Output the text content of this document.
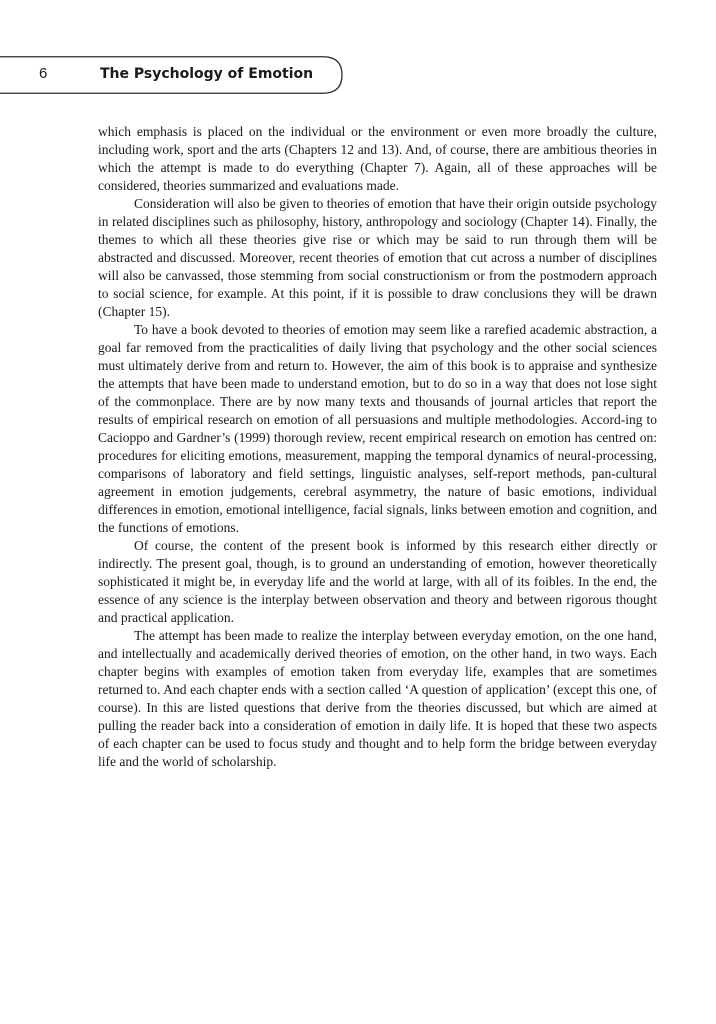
6	The Psychology of Emotion

which emphasis is placed on the individual or the environment or even more broadly the culture, including work, sport and the arts (Chapters 12 and 13). And, of course, there are ambitious theories in which the attempt is made to do everything (Chapter 7). Again, all of these approaches will be considered, theories summarized and evaluations made.

Consideration will also be given to theories of emotion that have their origin outside psychology in related disciplines such as philosophy, history, anthropology and sociology (Chapter 14). Finally, the themes to which all these theories give rise or which may be said to run through them will be abstracted and discussed. Moreover, recent theories of emotion that cut across a number of disciplines will also be canvassed, those stemming from social constructionism or from the postmodern approach to social science, for example. At this point, if it is possible to draw conclusions they will be drawn (Chapter 15).

To have a book devoted to theories of emotion may seem like a rarefied academic abstraction, a goal far removed from the practicalities of daily living that psychology and the other social sciences must ultimately derive from and return to. However, the aim of this book is to appraise and synthesize the attempts that have been made to understand emotion, but to do so in a way that does not lose sight of the commonplace. There are by now many texts and thousands of journal articles that report the results of empirical research on emotion of all persuasions and multiple methodologies. Accord-ing to Cacioppo and Gardner’s (1999) thorough review, recent empirical research on emotion has centred on: procedures for eliciting emotions, measurement, mapping the temporal dynamics of neural-processing, comparisons of laboratory and field settings, linguistic analyses, self-report methods, pan-cultural agreement in emotion judgements, cerebral asymmetry, the nature of basic emotions, individual differences in emotion, emotional intelligence, facial signals, links between emotion and cognition, and the functions of emotions.

Of course, the content of the present book is informed by this research either directly or indirectly. The present goal, though, is to ground an understanding of emotion, however theoretically sophisticated it might be, in everyday life and the world at large, with all of its foibles. In the end, the essence of any science is the interplay between observation and theory and between rigorous thought and practical application.

The attempt has been made to realize the interplay between everyday emotion, on the one hand, and intellectually and academically derived theories of emotion, on the other hand, in two ways. Each chapter begins with examples of emotion taken from everyday life, examples that are sometimes returned to. And each chapter ends with a section called ‘A question of application’ (except this one, of course). In this are listed questions that derive from the theories discussed, but which are aimed at pulling the reader back into a consideration of emotion in daily life. It is hoped that these two aspects of each chapter can be used to focus study and thought and to help form the bridge between everyday life and the world of scholarship.
